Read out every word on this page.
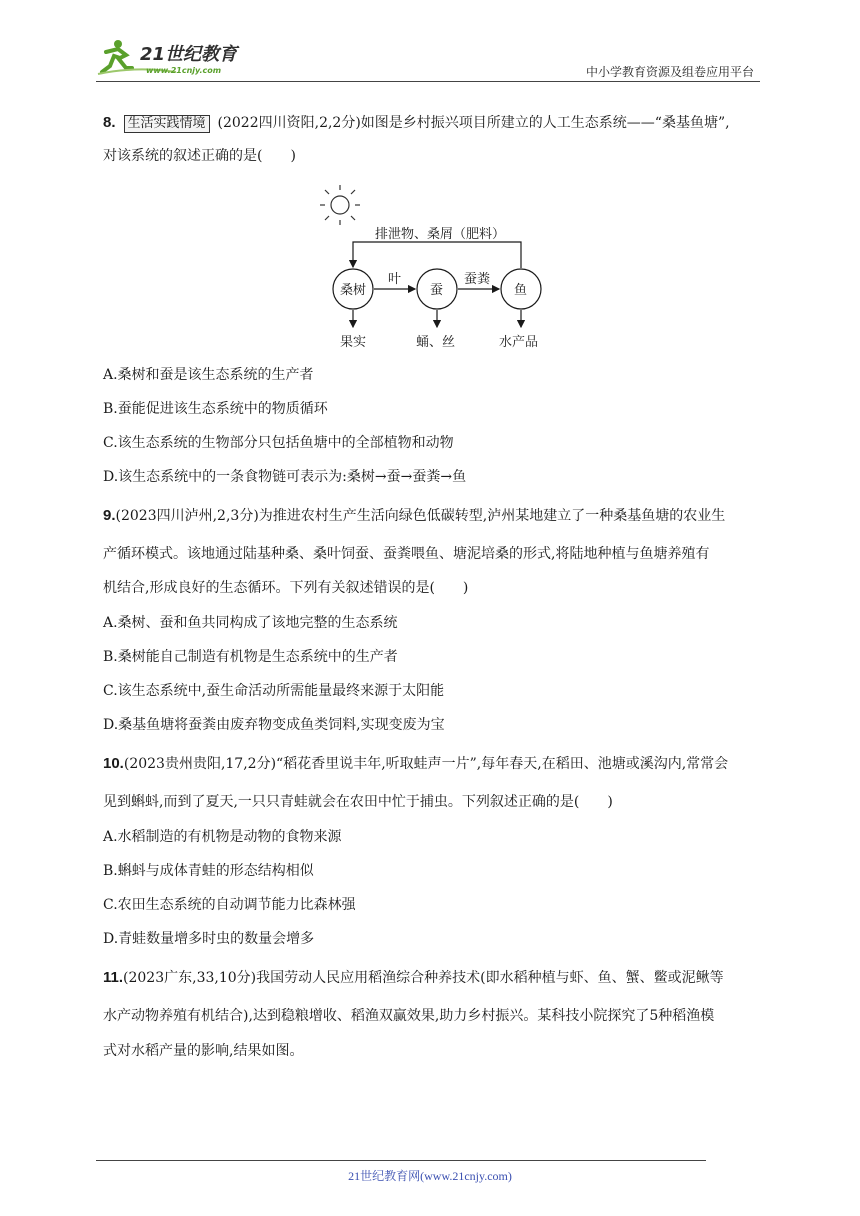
21世纪教育
www.21cnjy.com	中小学教育资源及组卷应用平台
8. 生活实践情境 (2022四川资阳,2,2分)如图是乡村振兴项目所建立的人工生态系统——“桑基鱼塘”,
对该系统的叙述正确的是(　　)
排泄物、桑屑（肥料）
桑树	蚕	鱼
叶	蚕粪
果实	蛹、丝	水产品
A.桑树和蚕是该生态系统的生产者
B.蚕能促进该生态系统中的物质循环
C.该生态系统的生物部分只包括鱼塘中的全部植物和动物
D.该生态系统中的一条食物链可表示为:桑树→蚕→蚕粪→鱼
9.(2023四川泸州,2,3分)为推进农村生产生活向绿色低碳转型,泸州某地建立了一种桑基鱼塘的农业生
产循环模式。该地通过陆基种桑、桑叶饲蚕、蚕粪喂鱼、塘泥培桑的形式,将陆地种植与鱼塘养殖有
机结合,形成良好的生态循环。下列有关叙述错误的是(　　)
A.桑树、蚕和鱼共同构成了该地完整的生态系统
B.桑树能自己制造有机物是生态系统中的生产者
C.该生态系统中,蚕生命活动所需能量最终来源于太阳能
D.桑基鱼塘将蚕粪由废弃物变成鱼类饲料,实现变废为宝
10.(2023贵州贵阳,17,2分)“稻花香里说丰年,听取蛙声一片”,每年春天,在稻田、池塘或溪沟内,常常会
见到蝌蚪,而到了夏天,一只只青蛙就会在农田中忙于捕虫。下列叙述正确的是(　　)
A.水稻制造的有机物是动物的食物来源
B.蝌蚪与成体青蛙的形态结构相似
C.农田生态系统的自动调节能力比森林强
D.青蛙数量增多时虫的数量会增多
11.(2023广东,33,10分)我国劳动人民应用稻渔综合种养技术(即水稻种植与虾、鱼、蟹、鳖或泥鳅等
水产动物养殖有机结合),达到稳粮增收、稻渔双赢效果,助力乡村振兴。某科技小院探究了5种稻渔模
式对水稻产量的影响,结果如图。
21世纪教育网(www.21cnjy.com)
